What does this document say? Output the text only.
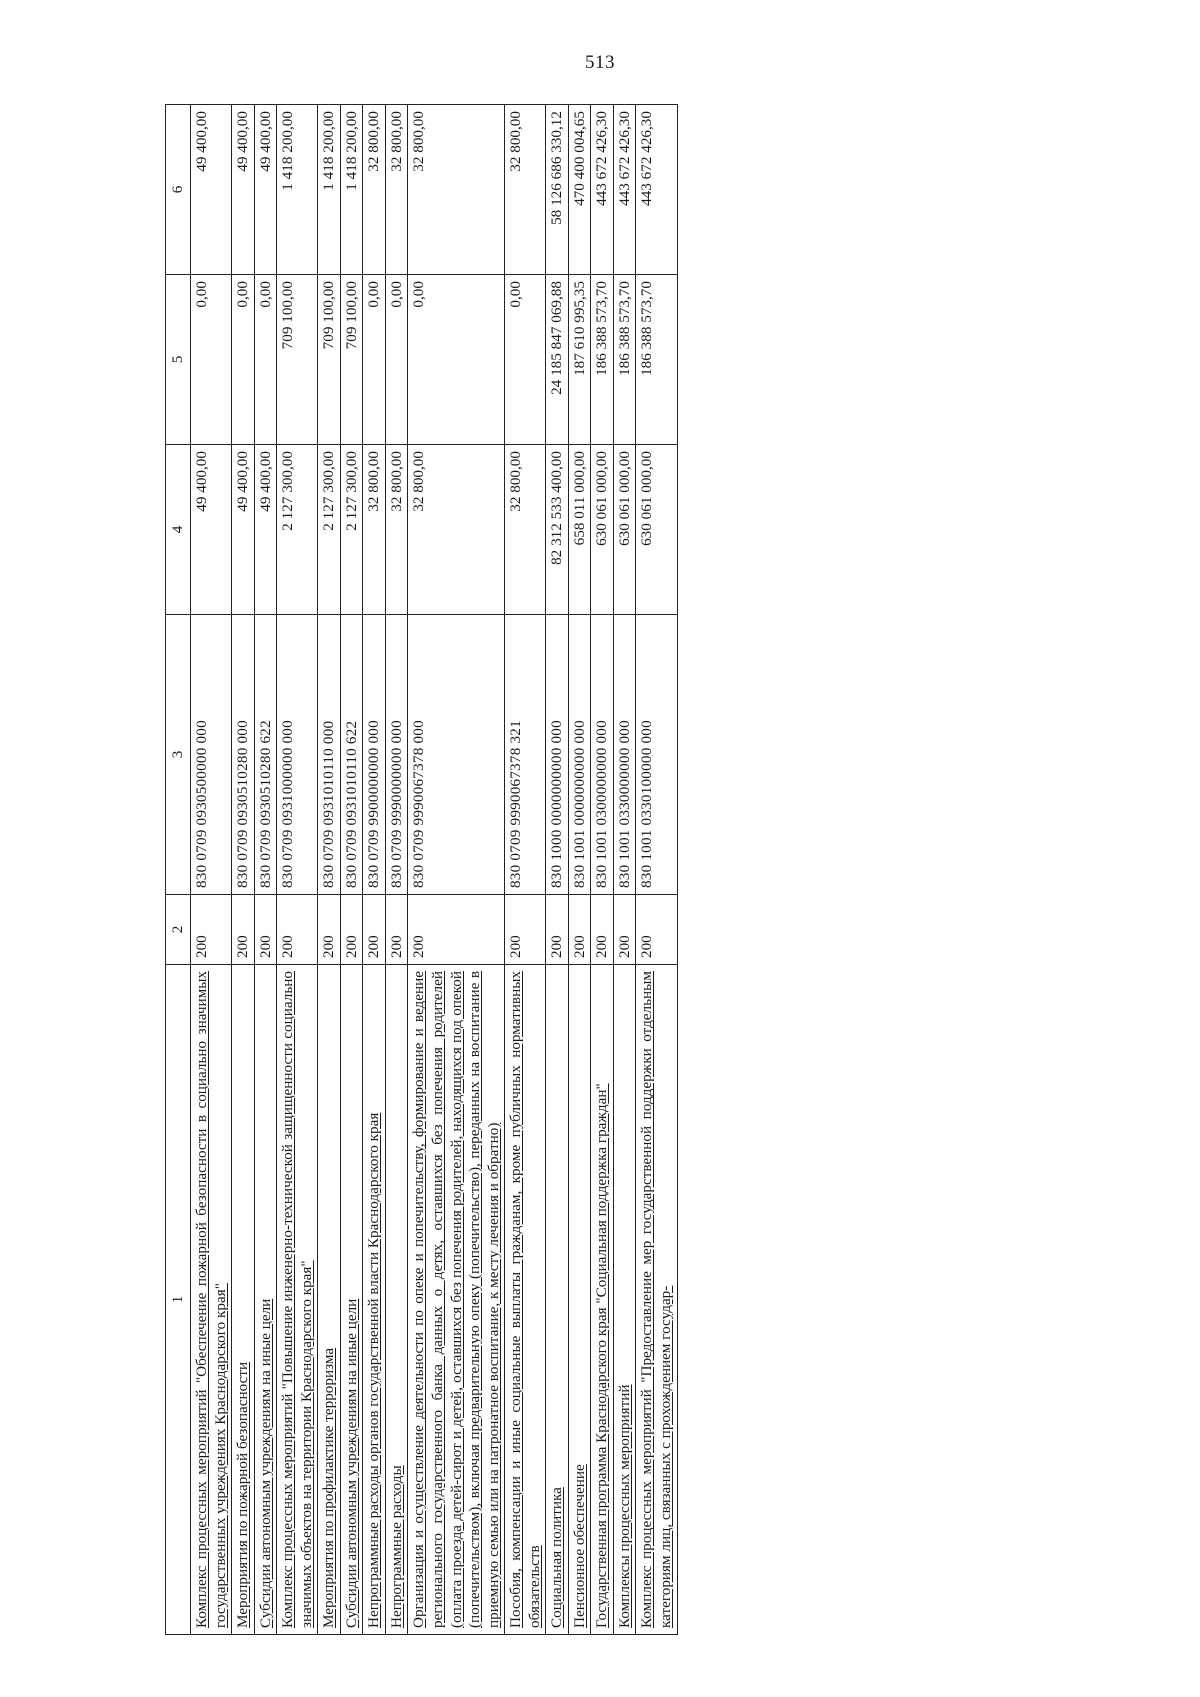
513
1	2	3	4	5	6
Комплекс процессных мероприятий "Обеспечение пожарной безопасности в социально значимых государственных учреждениях Краснодарского края"	200	830 0709 0930500000 000	49 400,00	0,00	49 400,00
Мероприятия по пожарной безопасности	200	830 0709 0930510280 000	49 400,00	0,00	49 400,00
Субсидии автономным учреждениям на иные цели	200	830 0709 0930510280 622	49 400,00	0,00	49 400,00
Комплекс процессных мероприятий "Повышение инженерно-технической защищенности социально значимых объектов на территории Краснодарского края"	200	830 0709 0931000000 000	2 127 300,00	709 100,00	1 418 200,00
Мероприятия по профилактике терроризма	200	830 0709 0931010110 000	2 127 300,00	709 100,00	1 418 200,00
Субсидии автономным учреждениям на иные цели	200	830 0709 0931010110 622	2 127 300,00	709 100,00	1 418 200,00
Непрограммные расходы органов государственной власти Краснодарского края	200	830 0709 9900000000 000	32 800,00	0,00	32 800,00
Непрограммные расходы	200	830 0709 9990000000 000	32 800,00	0,00	32 800,00
Организация и осуществление деятельности по опеке и попечительству, формирование и ведение регионального государственного банка данных о детях, оставшихся без попечения родителей (оплата проезда детей-сирот и детей, оставшихся без попечения родителей, находящихся под опекой (попечительством), включая предварительную опеку (попечительство), переданных на воспитание в приемную семью или на патронатное воспитание, к месту лечения и обратно)	200	830 0709 9990067378 000	32 800,00	0,00	32 800,00
Пособия, компенсации и иные социальные выплаты гражданам, кроме публичных нормативных обязательств	200	830 0709 9990067378 321	32 800,00	0,00	32 800,00
Социальная политика	200	830 1000 0000000000 000	82 312 533 400,00	24 185 847 069,88	58 126 686 330,12
Пенсионное обеспечение	200	830 1001 0000000000 000	658 011 000,00	187 610 995,35	470 400 004,65
Государственная программа Краснодарского края "Социальная поддержка граждан"	200	830 1001 0300000000 000	630 061 000,00	186 388 573,70	443 672 426,30
Комплексы процессных мероприятий	200	830 1001 0330000000 000	630 061 000,00	186 388 573,70	443 672 426,30
Комплекс процессных мероприятий "Предоставление мер государственной поддержки отдельным категориям лиц, связанных с прохождением государ-	200	830 1001 0330100000 000	630 061 000,00	186 388 573,70	443 672 426,30
